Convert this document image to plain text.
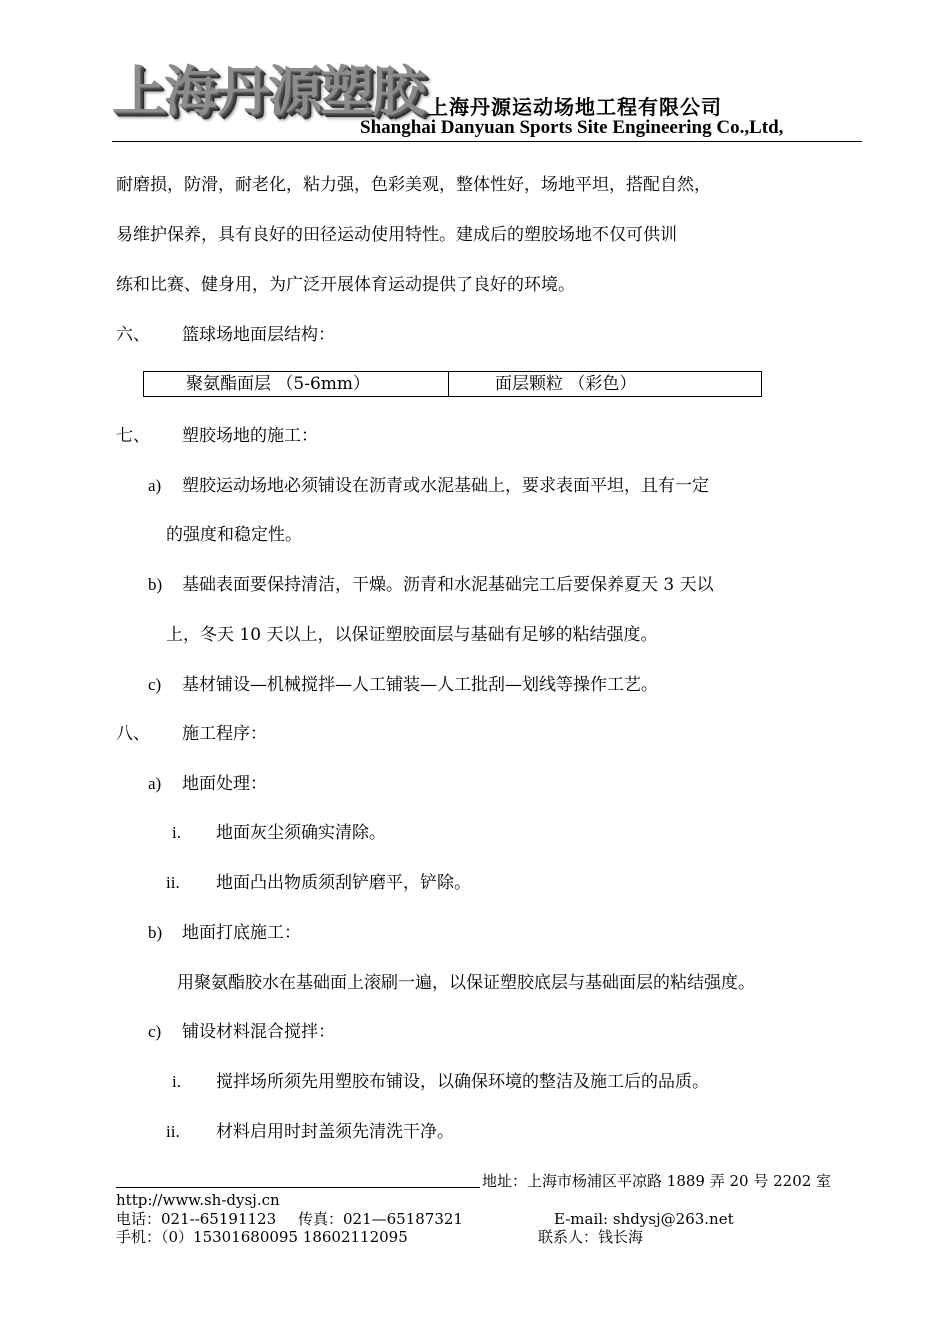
上海丹源塑胶 上海丹源运动场地工程有限公司
Shanghai Danyuan Sports Site Engineering Co.,Ltd,
耐磨损，防滑，耐老化，粘力强，色彩美观，整体性好，场地平坦，搭配自然，
易维护保养，具有良好的田径运动使用特性。建成后的塑胶场地不仅可供训
练和比赛、健身用，为广泛开展体育运动提供了良好的环境。
六、 篮球场地面层结构：
聚氨酯面层 （5-6mm）	面层颗粒 （彩色）
七、 塑胶场地的施工：
a) 塑胶运动场地必须铺设在沥青或水泥基础上，要求表面平坦，且有一定
的强度和稳定性。
b) 基础表面要保持清洁，干燥。沥青和水泥基础完工后要保养夏天 3 天以
上，冬天 10 天以上，以保证塑胶面层与基础有足够的粘结强度。
c) 基材铺设—机械搅拌—人工铺装—人工批刮—划线等操作工艺。
八、 施工程序：
a) 地面处理：
i. 地面灰尘须确实清除。
ii. 地面凸出物质须刮铲磨平，铲除。
b) 地面打底施工：
用聚氨酯胶水在基础面上滚刷一遍，以保证塑胶底层与基础面层的粘结强度。
c) 铺设材料混合搅拌：
i. 搅拌场所须先用塑胶布铺设，以确保环境的整洁及施工后的品质。
ii. 材料启用时封盖须先清洗干净。
地址：上海市杨浦区平凉路 1889 弄 20 号 2202 室
http://www.sh-dysj.cn
电话：021--65191123 传真：021—65187321	E-mail: shdysj@263.net
手机：（0）15301680095 18602112095	联系人：钱长海
